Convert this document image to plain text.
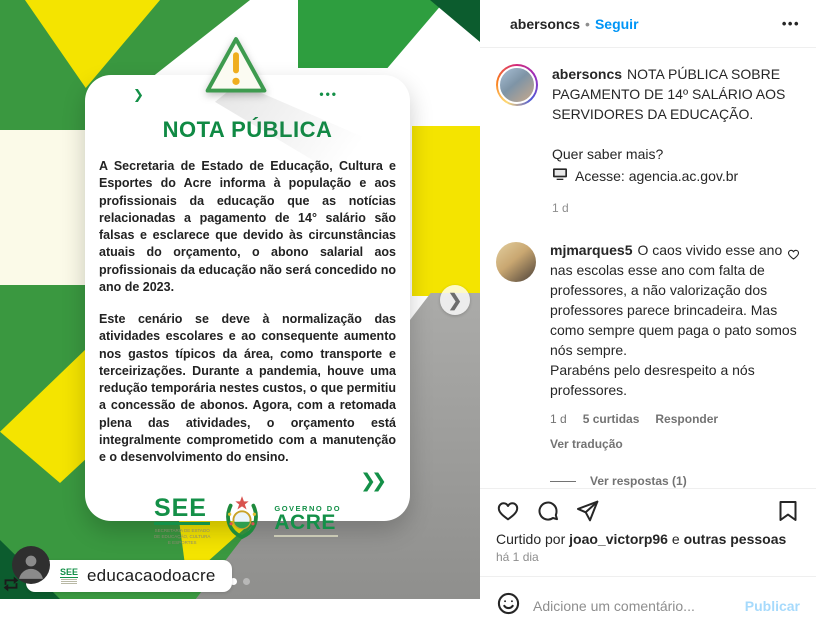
❯	•••
NOTA PÚBLICA

A Secretaria de Estado de Educação, Cultura e Esportes do Acre informa à população e aos profissionais da educação que as notícias relacionadas a pagamento de 14° salário são falsas e esclarece que devido às circunstâncias atuais do orçamento, o abono salarial aos profissionais da educação não será concedido no ano de 2023.

Este cenário se deve à normalização das atividades escolares e ao consequente aumento nos gastos típicos da área, como transporte e terceirizações. Durante a pandemia, houve uma redução temporária nestes custos, o que permitiu a concessão de abonos. Agora, com a retomada plena das atividades, o orçamento está integralmente comprometido com a manutenção e o desenvolvimento do ensino.

❯❯
SEE
SECRETARIA DE ESTADO
DE EDUCAÇÃO, CULTURA
E ESPORTES
GOVERNO DO
ACRE
❯
SEE educacaodoacre
abersoncs • Seguir	•••
abersoncs NOTA PÚBLICA SOBRE PAGAMENTO DE 14º SALÁRIO AOS SERVIDORES DA EDUCAÇÃO.
Quer saber mais?
Acesse: agencia.ac.gov.br
1 d
mjmarques5 O caos vivido esse ano nas escolas esse ano com falta de professores, a não valorização dos professores parece brincadeira. Mas como sempre quem paga o pato somos nós sempre.
Parabéns pelo desrespeito a nós professores.
1 d 5 curtidas Responder
Ver tradução
Ver respostas (1)
Curtido por joao_victorp96 e outras pessoas
há 1 dia
Adicione um comentário...
Publicar
